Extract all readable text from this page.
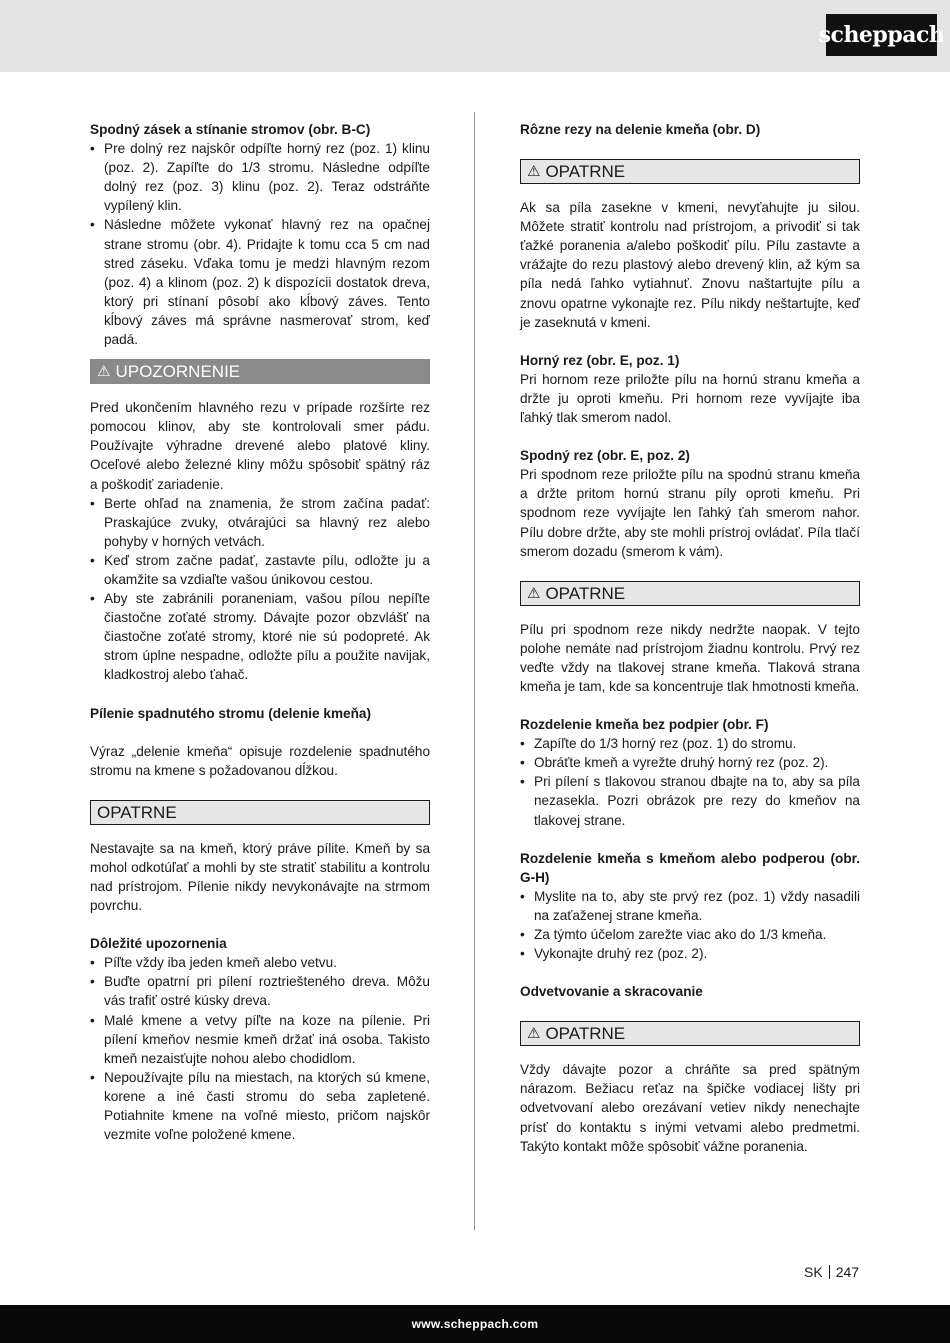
scheppach

Spodný zásek a stínanie stromov (obr. B-C)

• Pre dolný rez najskôr odpíľte horný rez (poz. 1) klinu (poz. 2). Zapíľte do 1/3 stromu. Následne odpíľte dolný rez (poz. 3) klinu (poz. 2). Teraz odstráňte vypílený klin.
• Následne môžete vykonať hlavný rez na opačnej strane stromu (obr. 4). Pridajte k tomu cca 5 cm nad stred záseku. Vďaka tomu je medzi hlavným rezom (poz. 4) a klinom (poz. 2) k dispozícii dostatok dreva, ktorý pri stínaní pôsobí ako kĺbový záves. Tento kĺbový záves má správne nasmerovať strom, keď padá.
⚠ UPOZORNENIE

Pred ukončením hlavného rezu v prípade rozšírte rez pomocou klinov, aby ste kontrolovali smer pádu. Používajte výhradne drevené alebo platové kliny. Oceľové alebo železné kliny môžu spôsobiť spätný ráz a poškodiť zariadenie.

• Berte ohľad na znamenia, že strom začína padať: Praskajúce zvuky, otvárajúci sa hlavný rez alebo pohyby v horných vetvách.
• Keď strom začne padať, zastavte pílu, odložte ju a okamžite sa vzdiaľte vašou únikovou cestou.
• Aby ste zabránili poraneniam, vašou pílou nepíľte čiastočne zoťaté stromy. Dávajte pozor obzvlášť na čiastočne zoťaté stromy, ktoré nie sú podopreté. Ak strom úplne nespadne, odložte pílu a použite navijak, kladkostroj alebo ťahač.

Pílenie spadnutého stromu (delenie kmeňa)

Výraz „delenie kmeňa“ opisuje rozdelenie spadnutého stromu na kmene s požadovanou dĺžkou.

OPATRNE

Nestavajte sa na kmeň, ktorý práve pílite. Kmeň by sa mohol odkotúľať a mohli by ste stratiť stabilitu a kontrolu nad prístrojom. Pílenie nikdy nevykonávajte na strmom povrchu.

Dôležité upozornenia

• Píľte vždy iba jeden kmeň alebo vetvu.
• Buďte opatrní pri pílení roztriešteného dreva. Môžu vás trafiť ostré kúsky dreva.
• Malé kmene a vetvy píľte na koze na pílenie. Pri pílení kmeňov nesmie kmeň držať iná osoba. Takisto kmeň nezaisťujte nohou alebo chodidlom.
• Nepoužívajte pílu na miestach, na ktorých sú kmene, korene a iné časti stromu do seba zapletené. Potiahnite kmene na voľné miesto, pričom najskôr vezmite voľne položené kmene.

Rôzne rezy na delenie kmeňa (obr. D)

⚠ OPATRNE

Ak sa píla zasekne v kmeni, nevyťahujte ju silou. Môžete stratiť kontrolu nad prístrojom, a privodiť si tak ťažké poranenia a/alebo poškodiť pílu. Pílu zastavte a vrážajte do rezu plastový alebo drevený klin, až kým sa píla nedá ľahko vytiahnuť. Znovu naštartujte pílu a znovu opatrne vykonajte rez. Pílu nikdy neštartujte, keď je zaseknutá v kmeni.

Horný rez (obr. E, poz. 1)

Pri hornom reze priložte pílu na hornú stranu kmeňa a držte ju oproti kmeňu. Pri hornom reze vyvíjajte iba ľahký tlak smerom nadol.

Spodný rez (obr. E, poz. 2)

Pri spodnom reze priložte pílu na spodnú stranu kmeňa a držte pritom hornú stranu píly oproti kmeňu. Pri spodnom reze vyvíjajte len ľahký ťah smerom nahor. Pílu dobre držte, aby ste mohli prístroj ovládať. Píla tlačí smerom dozadu (smerom k vám).

⚠ OPATRNE

Pílu pri spodnom reze nikdy nedržte naopak. V tejto polohe nemáte nad prístrojom žiadnu kontrolu. Prvý rez veďte vždy na tlakovej strane kmeňa. Tlaková strana kmeňa je tam, kde sa koncentruje tlak hmotnosti kmeňa.

Rozdelenie kmeňa bez podpier (obr. F)

• Zapíľte do 1/3 horný rez (poz. 1) do stromu.
• Obráťte kmeň a vyrežte druhý horný rez (poz. 2).
• Pri pílení s tlakovou stranou dbajte na to, aby sa píla nezasekla. Pozri obrázok pre rezy do kmeňov na tlakovej strane.

Rozdelenie kmeňa s kmeňom alebo podperou (obr. G-H)

• Myslite na to, aby ste prvý rez (poz. 1) vždy nasadili na zaťaženej strane kmeňa.
• Za týmto účelom zarežte viac ako do 1/3 kmeňa.
• Vykonajte druhý rez (poz. 2).

Odvetvovanie a skracovanie

⚠ OPATRNE

Vždy dávajte pozor a chráňte sa pred spätným nárazom. Bežiacu reťaz na špičke vodiacej lišty pri odvetvovaní alebo orezávaní vetiev nikdy nenechajte prísť do kontaktu s inými vetvami alebo predmetmi. Takýto kontakt môže spôsobiť vážne poranenia.

SK 247
www.scheppach.com
